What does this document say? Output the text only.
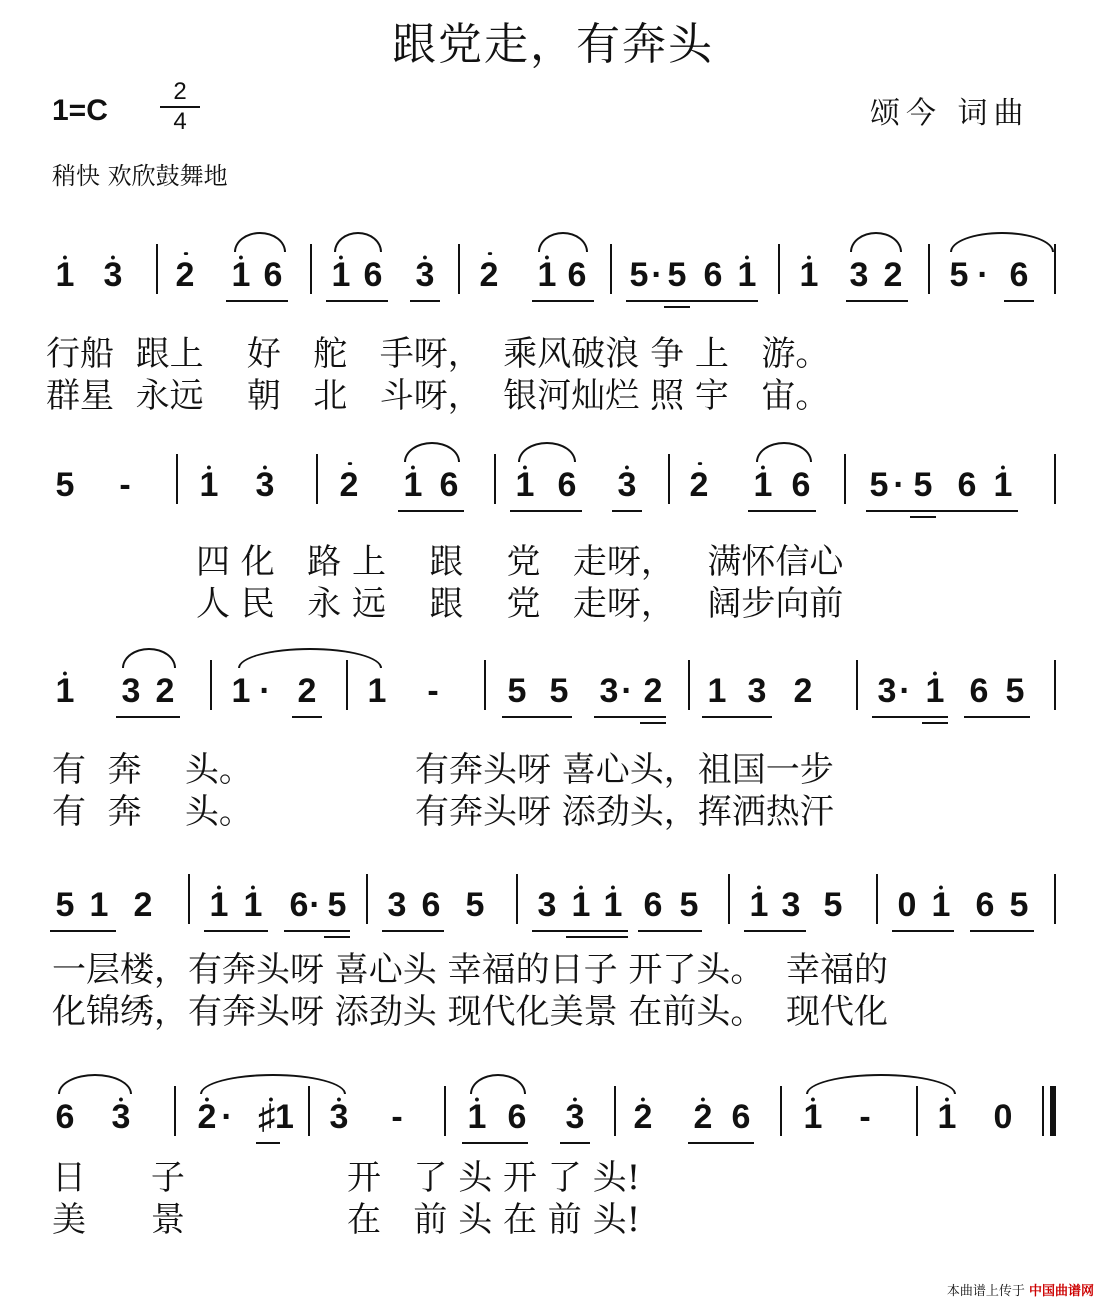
跟党走，有奔头
1=C
2
4	颂今 词曲
稍快 欢欣鼓舞地
• 1 • 3 •• 2 • 1 6 • 1 6 • 3 •• 2 • 1 6 5 · 5 6 • 1 • 1 3 2 5 · 6
行船  跟上    好   舵   手呀，  乘风破浪 争 上   游。
群星  永远    朝   北   斗呀，  银河灿烂 照 宇   宙。
5 - • 1 • 3 •• 2 • 1 6 • 1 6 • 3 •• 2 • 1 6 5 · 5 6 • 1
四 化   路 上    跟    党   走呀，   满怀信心
人 民   永 远    跟    党   走呀，   阔步向前
• 1 3 2 1 · 2 1 - 5 5 3 · 2 1 3 2 3 · • 1 6 5
有  奔    头。               有奔头呀 喜心头，祖国一步
有  奔    头。               有奔头呀 添劲头，挥洒热汗
5 1 2 • 1 • 1 6 · 5 3 6 5 3 • 1 • 1 6 5 • 1 3 5 0 • 1 6 5
一层楼，有奔头呀 喜心头 幸福的日子 开了头。  幸福的
化锦绣，有奔头呀 添劲头 现代化美景 在前头。  现代化
6 • 3 • 2 · • ♯1 • 3 - • 1 6 • 3 • 2 • 2 6 • 1 - • 1 0
日      子               开   了 头 开 了 头!
美      景               在   前 头 在 前 头!
本曲谱上传于 中国曲谱网
